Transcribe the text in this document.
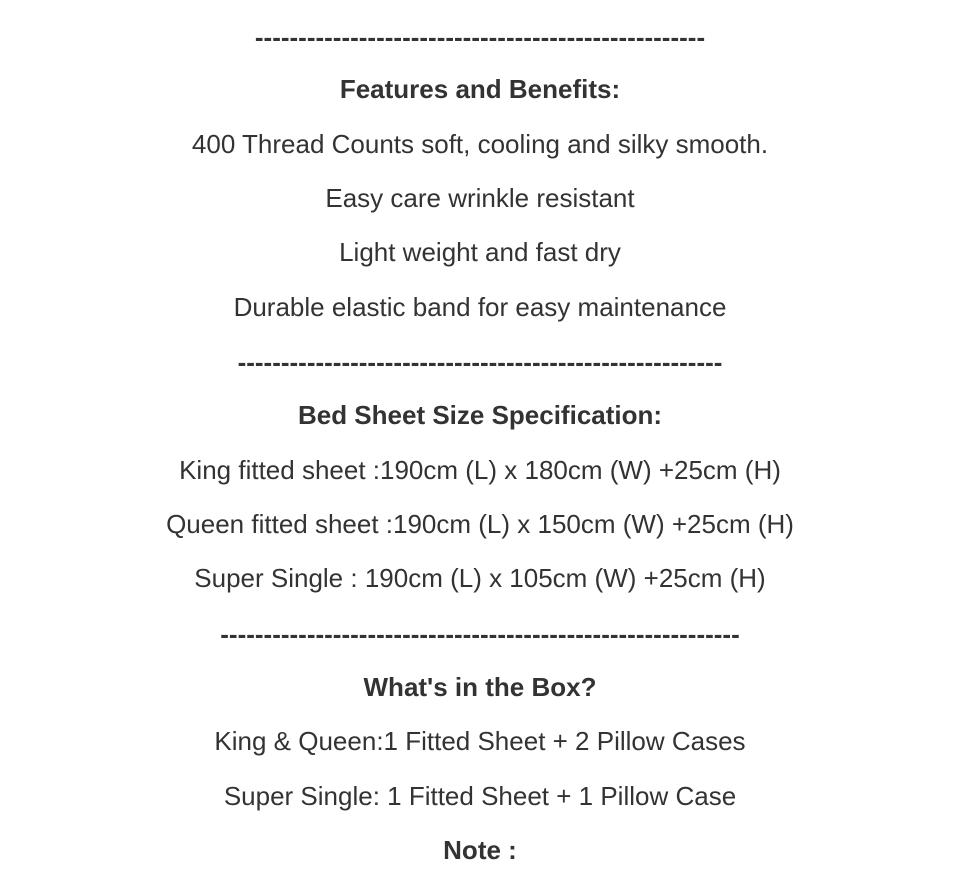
----------------------------------------------------
Features and Benefits:
400 Thread Counts soft, cooling and silky smooth.
Easy care wrinkle resistant
Light weight and fast dry
Durable elastic band for easy maintenance
--------------------------------------------------------
Bed Sheet Size Specification:
King fitted sheet :190cm (L) x 180cm (W) +25cm (H)
Queen fitted sheet :190cm (L) x 150cm (W) +25cm (H)
Super Single : 190cm (L) x 105cm (W) +25cm (H)
------------------------------------------------------------
What's in the Box?
King & Queen:1 Fitted Sheet + 2 Pillow Cases
Super Single: 1 Fitted Sheet + 1 Pillow Case
Note :
